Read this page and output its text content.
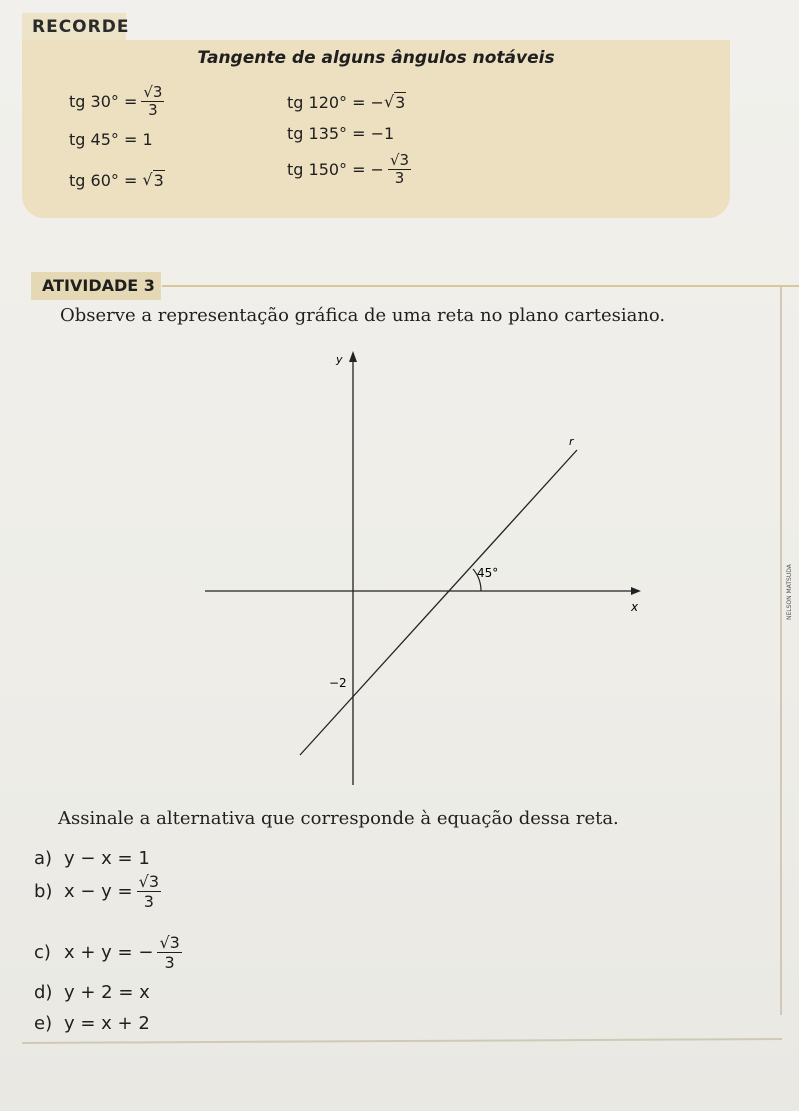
RECORDE
Tangente de alguns ângulos notáveis
tg $30^\circ = \frac{√3}{3}$	tg 120° = − √ 3
tg 45° = 1	tg 135° = −1
tg 60° = √ 3
tg 150° = − $\frac{√3}{3}$
ATIVIDADE 3
Observe a representação gráfica de uma reta no plano cartesiano.
y
x
r
45°
−2
NELSON MATSUDA
Assinale a alternativa que corresponde à equação dessa reta.
a) y − x = 1
b) $x - y = \frac{√3}{3}$
c) x + y = − $\frac{√3}{3}$
d) y + 2 = x
e) y = x + 2
